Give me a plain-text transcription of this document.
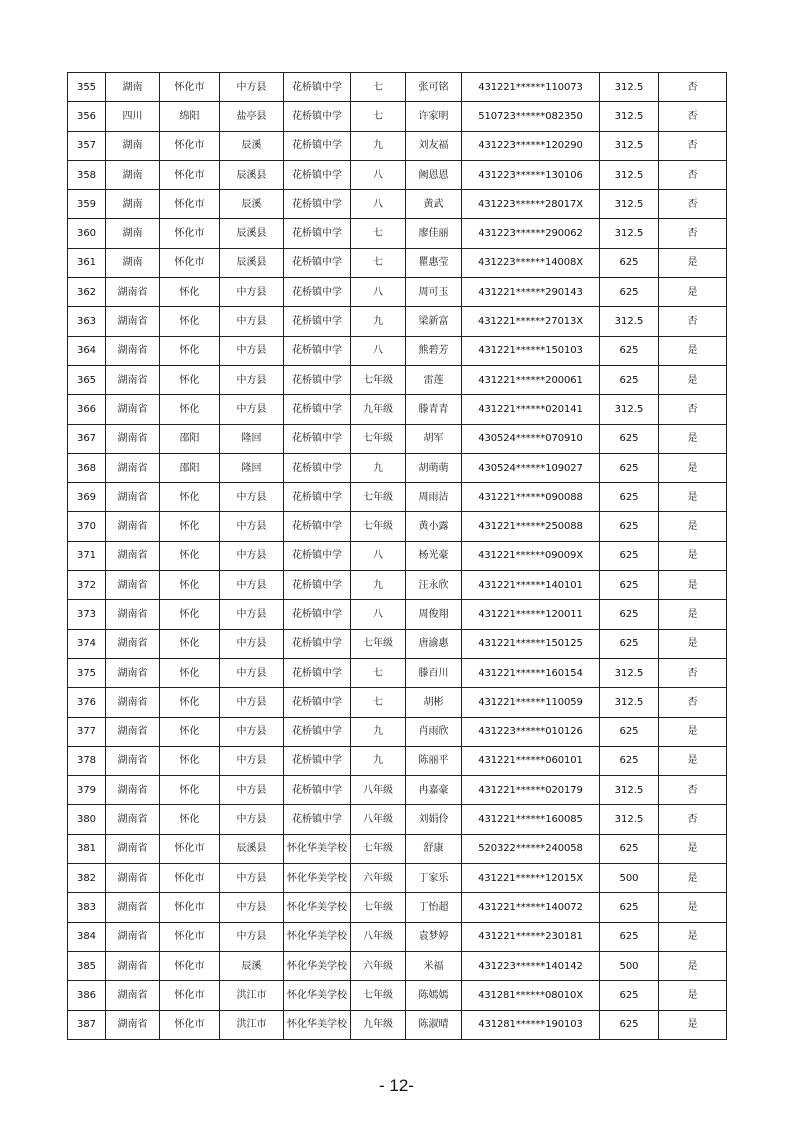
355	湖南	怀化市	中方县	花桥镇中学	七	张可铭	431221******110073	312.5	否
356	四川	绵阳	盐亭县	花桥镇中学	七	许家明	510723******082350	312.5	否
357	湖南	怀化市	辰溪	花桥镇中学	九	刘友福	431223******120290	312.5	否
358	湖南	怀化市	辰溪县	花桥镇中学	八	阙恩恩	431223******130106	312.5	否
359	湖南	怀化市	辰溪	花桥镇中学	八	黄武	431223******28017X	312.5	否
360	湖南	怀化市	辰溪县	花桥镇中学	七	廖佳丽	431223******290062	312.5	否
361	湖南	怀化市	辰溪县	花桥镇中学	七	瞿惠莹	431223******14008X	625	是
362	湖南省	怀化	中方县	花桥镇中学	八	周可玉	431221******290143	625	是
363	湖南省	怀化	中方县	花桥镇中学	九	梁新富	431221******27013X	312.5	否
364	湖南省	怀化	中方县	花桥镇中学	八	熊碧芳	431221******150103	625	是
365	湖南省	怀化	中方县	花桥镇中学	七年级	雷莲	431221******200061	625	是
366	湖南省	怀化	中方县	花桥镇中学	九年级	滕青青	431221******020141	312.5	否
367	湖南省	邵阳	隆回	花桥镇中学	七年级	胡军	430524******070910	625	是
368	湖南省	邵阳	隆回	花桥镇中学	九	胡萌萌	430524******109027	625	是
369	湖南省	怀化	中方县	花桥镇中学	七年级	周雨洁	431221******090088	625	是
370	湖南省	怀化	中方县	花桥镇中学	七年级	黄小露	431221******250088	625	是
371	湖南省	怀化	中方县	花桥镇中学	八	杨光豪	431221******09009X	625	是
372	湖南省	怀化	中方县	花桥镇中学	九	汪永欣	431221******140101	625	是
373	湖南省	怀化	中方县	花桥镇中学	八	周俊翔	431221******120011	625	是
374	湖南省	怀化	中方县	花桥镇中学	七年级	唐渝惠	431221******150125	625	是
375	湖南省	怀化	中方县	花桥镇中学	七	滕百川	431221******160154	312.5	否
376	湖南省	怀化	中方县	花桥镇中学	七	胡彬	431221******110059	312.5	否
377	湖南省	怀化	中方县	花桥镇中学	九	肖雨欣	431223******010126	625	是
378	湖南省	怀化	中方县	花桥镇中学	九	陈丽平	431221******060101	625	是
379	湖南省	怀化	中方县	花桥镇中学	八年级	冉嘉豪	431221******020179	312.5	否
380	湖南省	怀化	中方县	花桥镇中学	八年级	刘娟伶	431221******160085	312.5	否
381	湖南省	怀化市	辰溪县	怀化华美学校	七年级	舒康	520322******240058	625	是
382	湖南省	怀化市	中方县	怀化华美学校	六年级	丁家乐	431221******12015X	500	是
383	湖南省	怀化市	中方县	怀化华美学校	七年级	丁怡超	431221******140072	625	是
384	湖南省	怀化市	中方县	怀化华美学校	八年级	袁梦婷	431221******230181	625	是
385	湖南省	怀化市	辰溪	怀化华美学校	六年级	米福	431223******140142	500	是
386	湖南省	怀化市	洪江市	怀化华美学校	七年级	陈嫣嫣	431281******08010X	625	是
387	湖南省	怀化市	洪江市	怀化华美学校	九年级	陈淑晴	431281******190103	625	是
- 12-
